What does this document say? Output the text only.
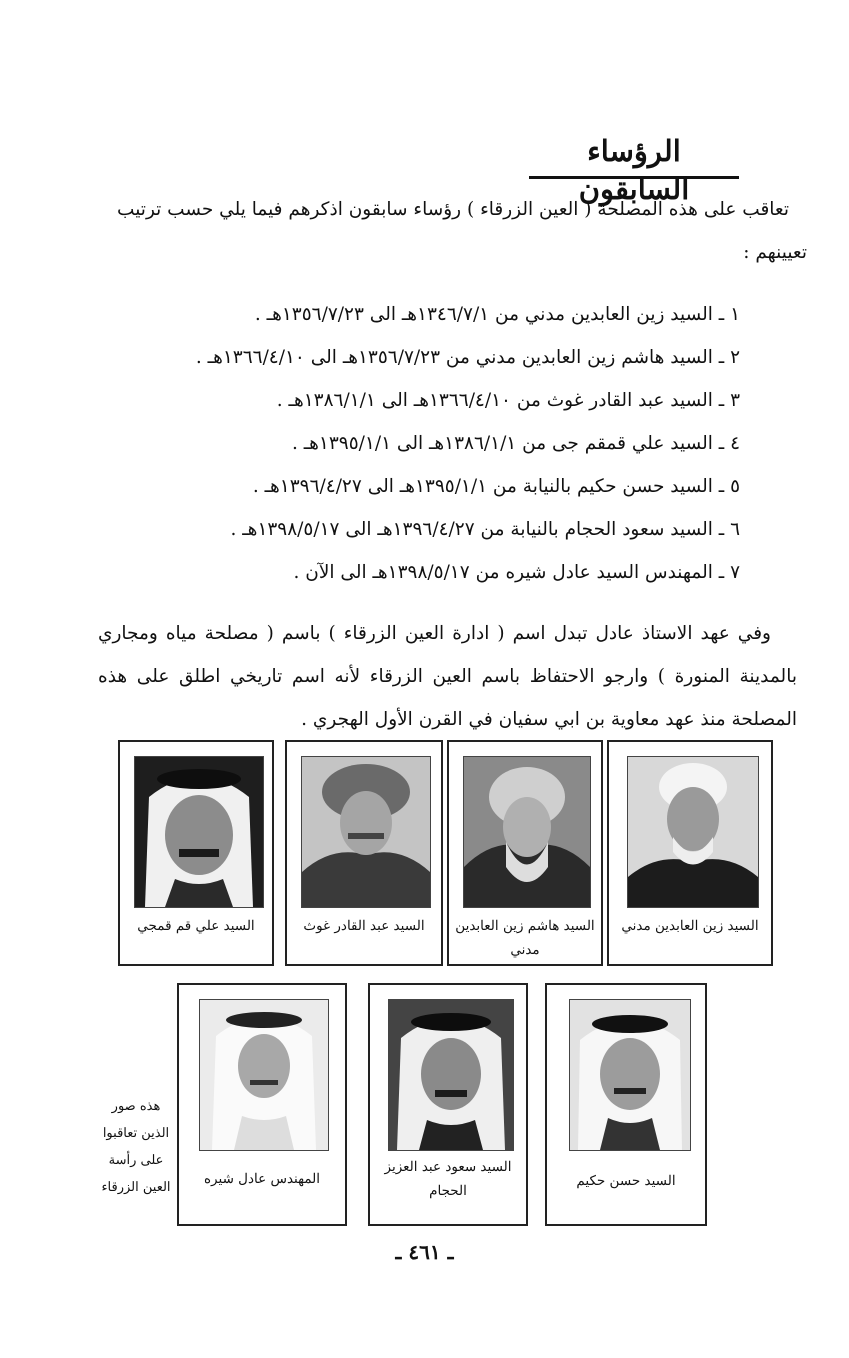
الرؤساء السابقون

تعاقب على هذه المصلحة ( العين الزرقاء ) رؤساء سابقون اذكرهم فيما يلي حسب ترتيب

تعيينهم :

١ ـ السيد زين العابدين مدني من ١٣٤٦/٧/١هـ الى ١٣٥٦/٧/٢٣هـ .
٢ ـ السيد هاشم زين العابدين مدني من ١٣٥٦/٧/٢٣هـ الى ١٣٦٦/٤/١٠هـ .
٣ ـ السيد عبد القادر غوث من ١٣٦٦/٤/١٠هـ الى ١٣٨٦/١/١هـ .
٤ ـ السيد علي قمقم جى من ١٣٨٦/١/١هـ الى ١٣٩٥/١/١هـ .
٥ ـ السيد حسن حكيم بالنيابة من ١٣٩٥/١/١هـ الى ١٣٩٦/٤/٢٧هـ .
٦ ـ السيد سعود الحجام بالنيابة من ١٣٩٦/٤/٢٧هـ الى ١٣٩٨/٥/١٧هـ .
٧ ـ المهندس السيد عادل شيره من ١٣٩٨/٥/١٧هـ الى الآن .

وفي عهد الاستاذ عادل تبدل اسم ( ادارة العين الزرقاء ) باسم ( مصلحة مياه ومجاري بالمدينة المنورة ) وارجو الاحتفاظ باسم العين الزرقاء لأنه اسم تاريخي اطلق على هذه المصلحة منذ عهد معاوية بن ابي سفيان في القرن الأول الهجري .

السيد زين العابدين مدني
السيد هاشم زين العابدين مدني
السيد عبد القادر غوث
السيد علي قم قمجي
السيد حسن حكيم
السيد سعود عبد العزيز الحجام
المهندس عادل شيره
هذه صور الذين تعاقبوا على رأسة العين الزرقاء
ـ ٤٦١ ـ
